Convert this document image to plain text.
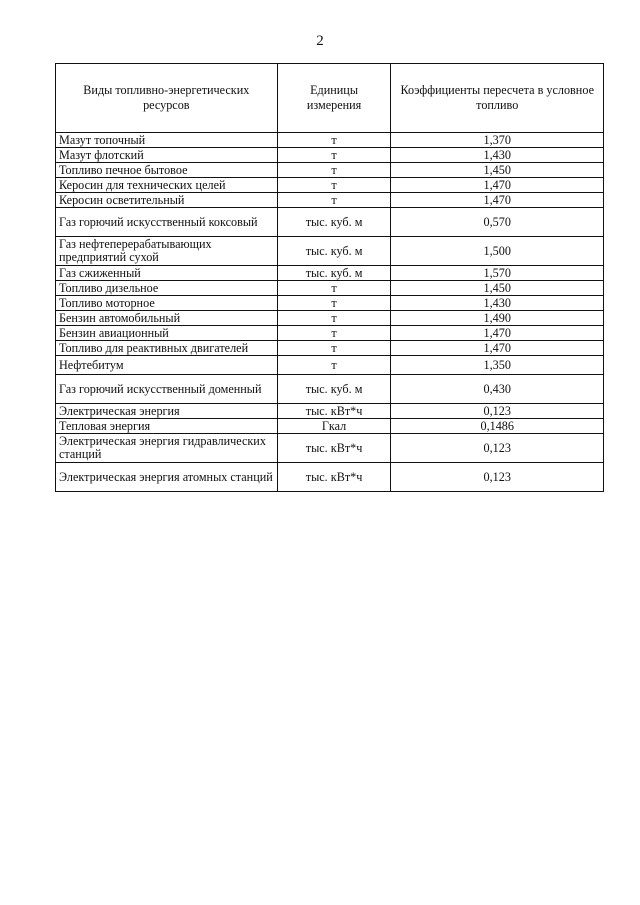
2
Виды топливно-энергетических ресурсов	Единицы измерения	Коэффициенты пересчета в условное топливо
Мазут топочный	т	1,370
Мазут флотский	т	1,430
Топливо печное бытовое	т	1,450
Керосин для технических целей	т	1,470
Керосин осветительный	т	1,470
Газ горючий искусственный коксовый	тыс. куб. м	0,570
Газ нефтеперерабатывающих предприятий сухой	тыс. куб. м	1,500
Газ сжиженный	тыс. куб. м	1,570
Топливо дизельное	т	1,450
Топливо моторное	т	1,430
Бензин автомобильный	т	1,490
Бензин авиационный	т	1,470
Топливо для реактивных двигателей	т	1,470
Нефтебитум	т	1,350
Газ горючий искусственный доменный	тыс. куб. м	0,430
Электрическая энергия	тыс. кВт*ч	0,123
Тепловая энергия	Гкал	0,1486
Электрическая энергия гидравлических станций	тыс. кВт*ч	0,123
Электрическая энергия атомных станций	тыс. кВт*ч	0,123
